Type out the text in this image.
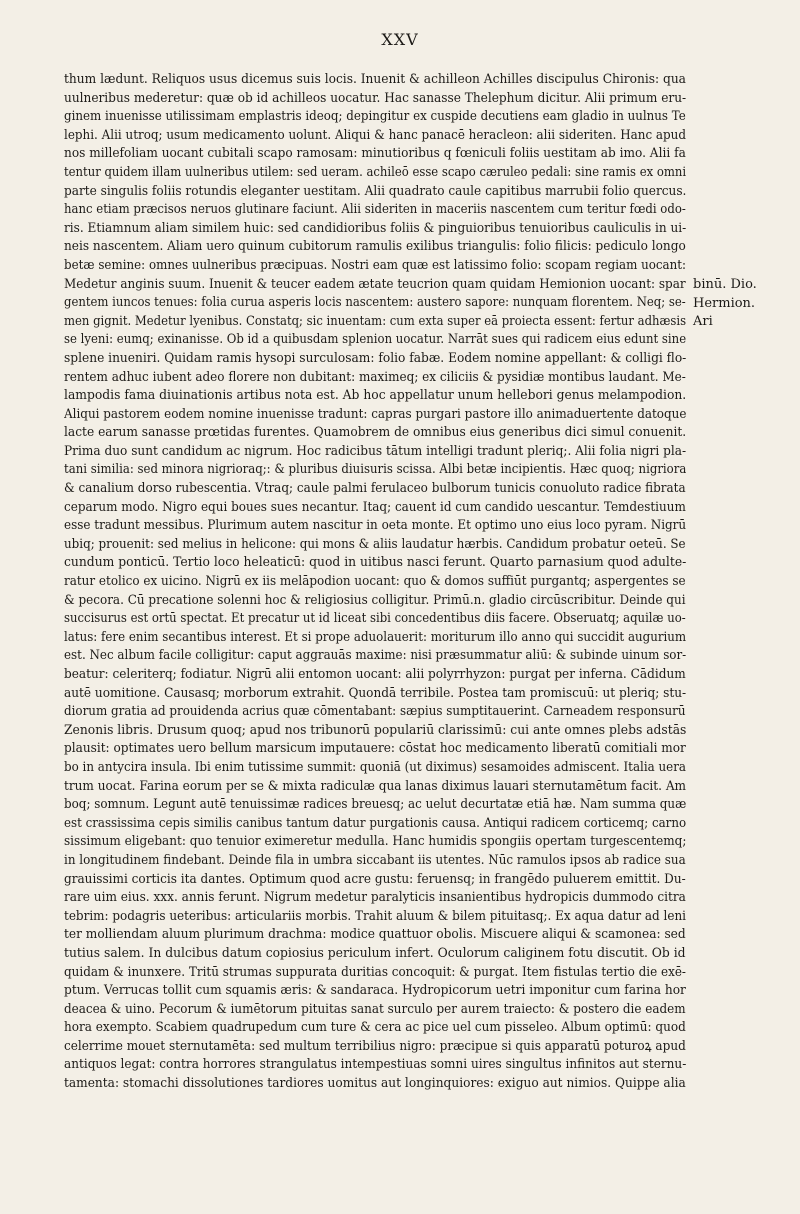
XXV
thum lædunt. Reliquos usus dicemus suis locis. Inuenit & achilleon Achilles discipulus Chironis: qua
uulneribus mederetur: quæ ob id achilleos uocatur. Hac sanasse Thelephum dicitur. Alii primum eru-
ginem inuenisse utilissimam emplastris ideoq; depingitur ex cuspide decutiens eam gladio in uulnus Te
lephi. Alii utroq; usum medicamento uolunt. Aliqui & hanc panacē heracleon: alii sideriten. Hanc apud
nos millefoliam uocant cubitali scapo ramosam: minutioribus q fœniculi foliis uestitam ab imo. Alii fa
tentur quidem illam uulneribus utilem: sed ueram. achileō esse scapo cæruleo pedali: sine ramis ex omni
parte singulis foliis rotundis eleganter uestitam. Alii quadrato caule capitibus marrubii folio quercus.
hanc etiam præcisos neruos glutinare faciunt. Alii sideriten in maceriis nascentem cum teritur fœdi odo-
ris. Etiamnum aliam similem huic: sed candidioribus foliis & pinguioribus tenuioribus cauliculis in ui-
neis nascentem. Aliam uero quinum cubitorum ramulis exilibus triangulis: folio filicis: pediculo longo
betæ semine: omnes uulneribus præcipuas. Nostri eam quæ est latissimo folio: scopam regiam uocant:
Medetur anginis suum. Inuenit & teucer eadem ætate teucrion quam quidam Hemionion uocant: spar
gentem iuncos tenues: folia curua asperis locis nascentem: austero sapore: nunquam florentem. Neq; se-
men gignit. Medetur lyenibus. Constatq; sic inuentam: cum exta super eā proiecta essent: fertur adhæsis
se lyeni: eumq; exinanisse. Ob id a quibusdam splenion uocatur. Narrāt sues qui radicem eius edunt sine
splene inueniri. Quidam ramis hysopi surculosam: folio fabæ. Eodem nomine appellant: & colligi flo-
rentem adhuc iubent adeo florere non dubitant: maximeq; ex ciliciis & pysidiæ montibus laudant. Me-
lampodis fama diuinationis artibus nota est. Ab hoc appellatur unum hellebori genus melampodion.
Aliqui pastorem eodem nomine inuenisse tradunt: capras purgari pastore illo animaduertente datoque
lacte earum sanasse prœtidas furentes. Quamobrem de omnibus eius generibus dici simul conuenit.
Prima duo sunt candidum ac nigrum. Hoc radicibus tātum intelligi tradunt pleriq;. Alii folia nigri pla-
tani similia: sed minora nigrioraq;: & pluribus diuisuris scissa. Albi betæ incipientis. Hæc quoq; nigriora
& canalium dorso rubescentia. Vtraq; caule palmi ferulaceo bulborum tunicis conuoluto radice fibrata
ceparum modo. Nigro equi boues sues necantur. Itaq; cauent id cum candido uescantur. Temdestiuum
esse tradunt messibus. Plurimum autem nascitur in oeta monte. Et optimo uno eius loco pyram. Nigrū
ubiq; prouenit: sed melius in helicone: qui mons & aliis laudatur hærbis. Candidum probatur oeteū. Se
cundum ponticū. Tertio loco heleaticū: quod in uitibus nasci ferunt. Quarto parnasium quod adulte-
ratur etolico ex uicino. Nigrū ex iis melāpodion uocant: quo & domos suffiūt purgantq; aspergentes se
& pecora. Cū precatione solenni hoc & religiosius colligitur. Primū.n. gladio circūscribitur. Deinde qui
succisurus est ortū spectat. Et precatur ut id liceat sibi concedentibus diis facere. Obseruatq; aquilæ uo-
latus: fere enim secantibus interest. Et si prope aduolauerit: moriturum illo anno qui succidit augurium
est. Nec album facile colligitur: caput aggrauās maxime: nisi præsummatur aliū: & subinde uinum sor-
beatur: celeriterq; fodiatur. Nigrū alii entomon uocant: alii polyrrhyzon: purgat per inferna. Cādidum
autē uomitione. Causasq; morborum extrahit. Quondā terribile. Postea tam promiscuū: ut pleriq; stu-
diorum gratia ad prouidenda acrius quæ cōmentabant: sæpius sumptitauerint. Carneadem responsurū
Zenonis libris. Drusum quoq; apud nos tribunorū populariū clarissimū: cui ante omnes plebs adstās
plausit: optimates uero bellum marsicum imputauere: cōstat hoc medicamento liberatū comitiali mor
bo in antycira insula. Ibi enim tutissime summit: quoniā (ut diximus) sesamoides admiscent. Italia uera
trum uocat. Farina eorum per se & mixta radiculæ qua lanas diximus lauari sternutamētum facit. Am
boq; somnum. Legunt autē tenuissimæ radices breuesq; ac uelut decurtatæ etiā hæ. Nam summa quæ
est crassissima cepis similis canibus tantum datur purgationis causa. Antiqui radicem corticemq; carno
sissimum eligebant: quo tenuior eximeretur medulla. Hanc humidis spongiis opertam turgescentemq;
in longitudinem findebant. Deinde fila in umbra siccabant iis utentes. Nūc ramulos ipsos ab radice sua
grauissimi corticis ita dantes. Optimum quod acre gustu: feruensq; in frangēdo puluerem emittit. Du-
rare uim eius. xxx. annis ferunt. Nigrum medetur paralyticis insanientibus hydropicis dummodo citra
tebrim: podagris ueteribus: articulariis morbis. Trahit aluum & bilem pituitasq;. Ex aqua datur ad leni
ter molliendam aluum plurimum drachma: modice quattuor obolis. Miscuere aliqui & scamonea: sed
tutius salem. In dulcibus datum copiosius periculum infert. Oculorum caliginem fotu discutit. Ob id
quidam & inunxere. Tritū strumas suppurata duritias concoquit: & purgat. Item fistulas tertio die exē-
ptum. Verrucas tollit cum squamis æris: & sandaraca. Hydropicorum uetri imponitur cum farina hor
deacea & uino. Pecorum & iumētorum pituitas sanat surculo per aurem traiecto: & postero die eadem
hora exempto. Scabiem quadrupedum cum ture & cera ac pice uel cum pisseleo. Album optimū: quod
celerrime mouet sternutamēta: sed multum terribilius nigro: præcipue si quis apparatū poturoꝝ apud
antiquos legat: contra horrores strangulatus intempestiuas somni uires singultus infinitos aut sternu-
tamenta: stomachi dissolutiones tardiores uomitus aut longinquiores: exiguo aut nimios. Quippe alia
binū. Dio.
Hermion.
Ari
